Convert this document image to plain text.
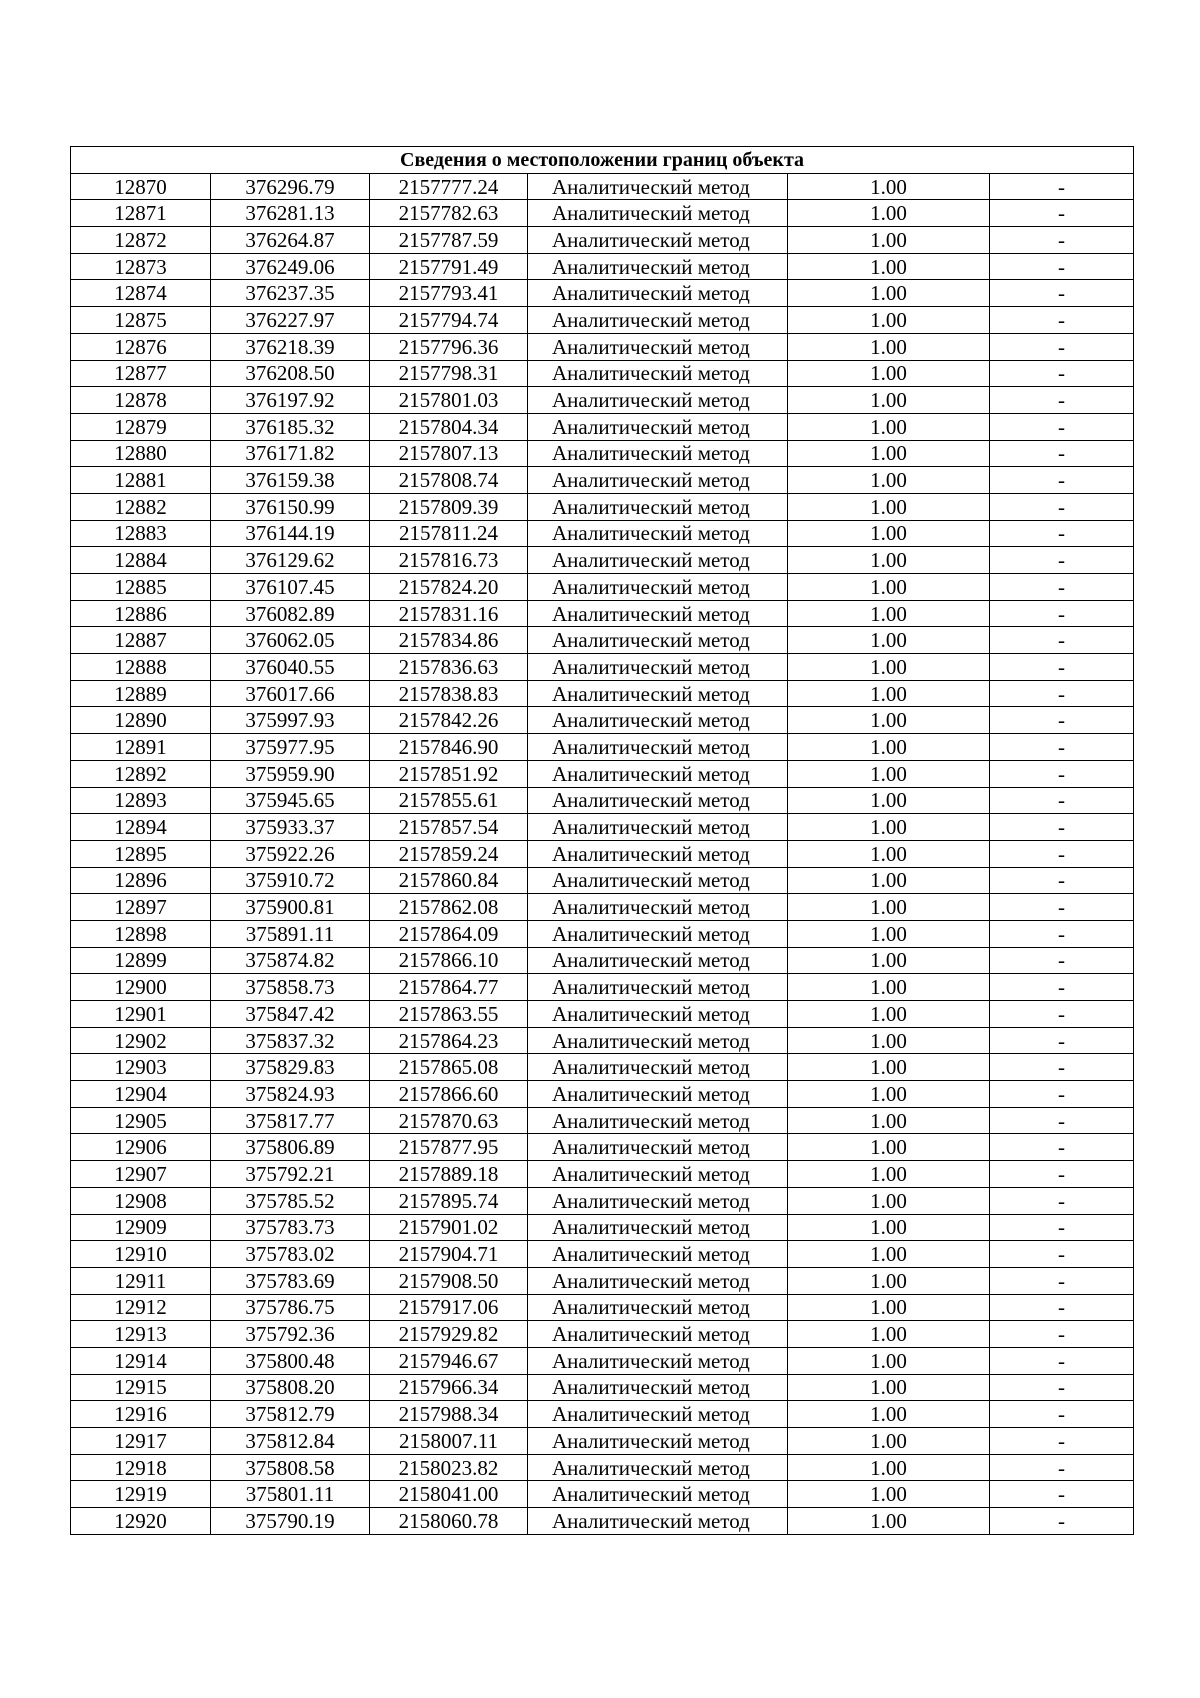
Сведения о местоположении границ объекта					
12870	376296.79	2157777.24	Аналитический метод	1.00	-
12871	376281.13	2157782.63	Аналитический метод	1.00	-
12872	376264.87	2157787.59	Аналитический метод	1.00	-
12873	376249.06	2157791.49	Аналитический метод	1.00	-
12874	376237.35	2157793.41	Аналитический метод	1.00	-
12875	376227.97	2157794.74	Аналитический метод	1.00	-
12876	376218.39	2157796.36	Аналитический метод	1.00	-
12877	376208.50	2157798.31	Аналитический метод	1.00	-
12878	376197.92	2157801.03	Аналитический метод	1.00	-
12879	376185.32	2157804.34	Аналитический метод	1.00	-
12880	376171.82	2157807.13	Аналитический метод	1.00	-
12881	376159.38	2157808.74	Аналитический метод	1.00	-
12882	376150.99	2157809.39	Аналитический метод	1.00	-
12883	376144.19	2157811.24	Аналитический метод	1.00	-
12884	376129.62	2157816.73	Аналитический метод	1.00	-
12885	376107.45	2157824.20	Аналитический метод	1.00	-
12886	376082.89	2157831.16	Аналитический метод	1.00	-
12887	376062.05	2157834.86	Аналитический метод	1.00	-
12888	376040.55	2157836.63	Аналитический метод	1.00	-
12889	376017.66	2157838.83	Аналитический метод	1.00	-
12890	375997.93	2157842.26	Аналитический метод	1.00	-
12891	375977.95	2157846.90	Аналитический метод	1.00	-
12892	375959.90	2157851.92	Аналитический метод	1.00	-
12893	375945.65	2157855.61	Аналитический метод	1.00	-
12894	375933.37	2157857.54	Аналитический метод	1.00	-
12895	375922.26	2157859.24	Аналитический метод	1.00	-
12896	375910.72	2157860.84	Аналитический метод	1.00	-
12897	375900.81	2157862.08	Аналитический метод	1.00	-
12898	375891.11	2157864.09	Аналитический метод	1.00	-
12899	375874.82	2157866.10	Аналитический метод	1.00	-
12900	375858.73	2157864.77	Аналитический метод	1.00	-
12901	375847.42	2157863.55	Аналитический метод	1.00	-
12902	375837.32	2157864.23	Аналитический метод	1.00	-
12903	375829.83	2157865.08	Аналитический метод	1.00	-
12904	375824.93	2157866.60	Аналитический метод	1.00	-
12905	375817.77	2157870.63	Аналитический метод	1.00	-
12906	375806.89	2157877.95	Аналитический метод	1.00	-
12907	375792.21	2157889.18	Аналитический метод	1.00	-
12908	375785.52	2157895.74	Аналитический метод	1.00	-
12909	375783.73	2157901.02	Аналитический метод	1.00	-
12910	375783.02	2157904.71	Аналитический метод	1.00	-
12911	375783.69	2157908.50	Аналитический метод	1.00	-
12912	375786.75	2157917.06	Аналитический метод	1.00	-
12913	375792.36	2157929.82	Аналитический метод	1.00	-
12914	375800.48	2157946.67	Аналитический метод	1.00	-
12915	375808.20	2157966.34	Аналитический метод	1.00	-
12916	375812.79	2157988.34	Аналитический метод	1.00	-
12917	375812.84	2158007.11	Аналитический метод	1.00	-
12918	375808.58	2158023.82	Аналитический метод	1.00	-
12919	375801.11	2158041.00	Аналитический метод	1.00	-
12920	375790.19	2158060.78	Аналитический метод	1.00	-
